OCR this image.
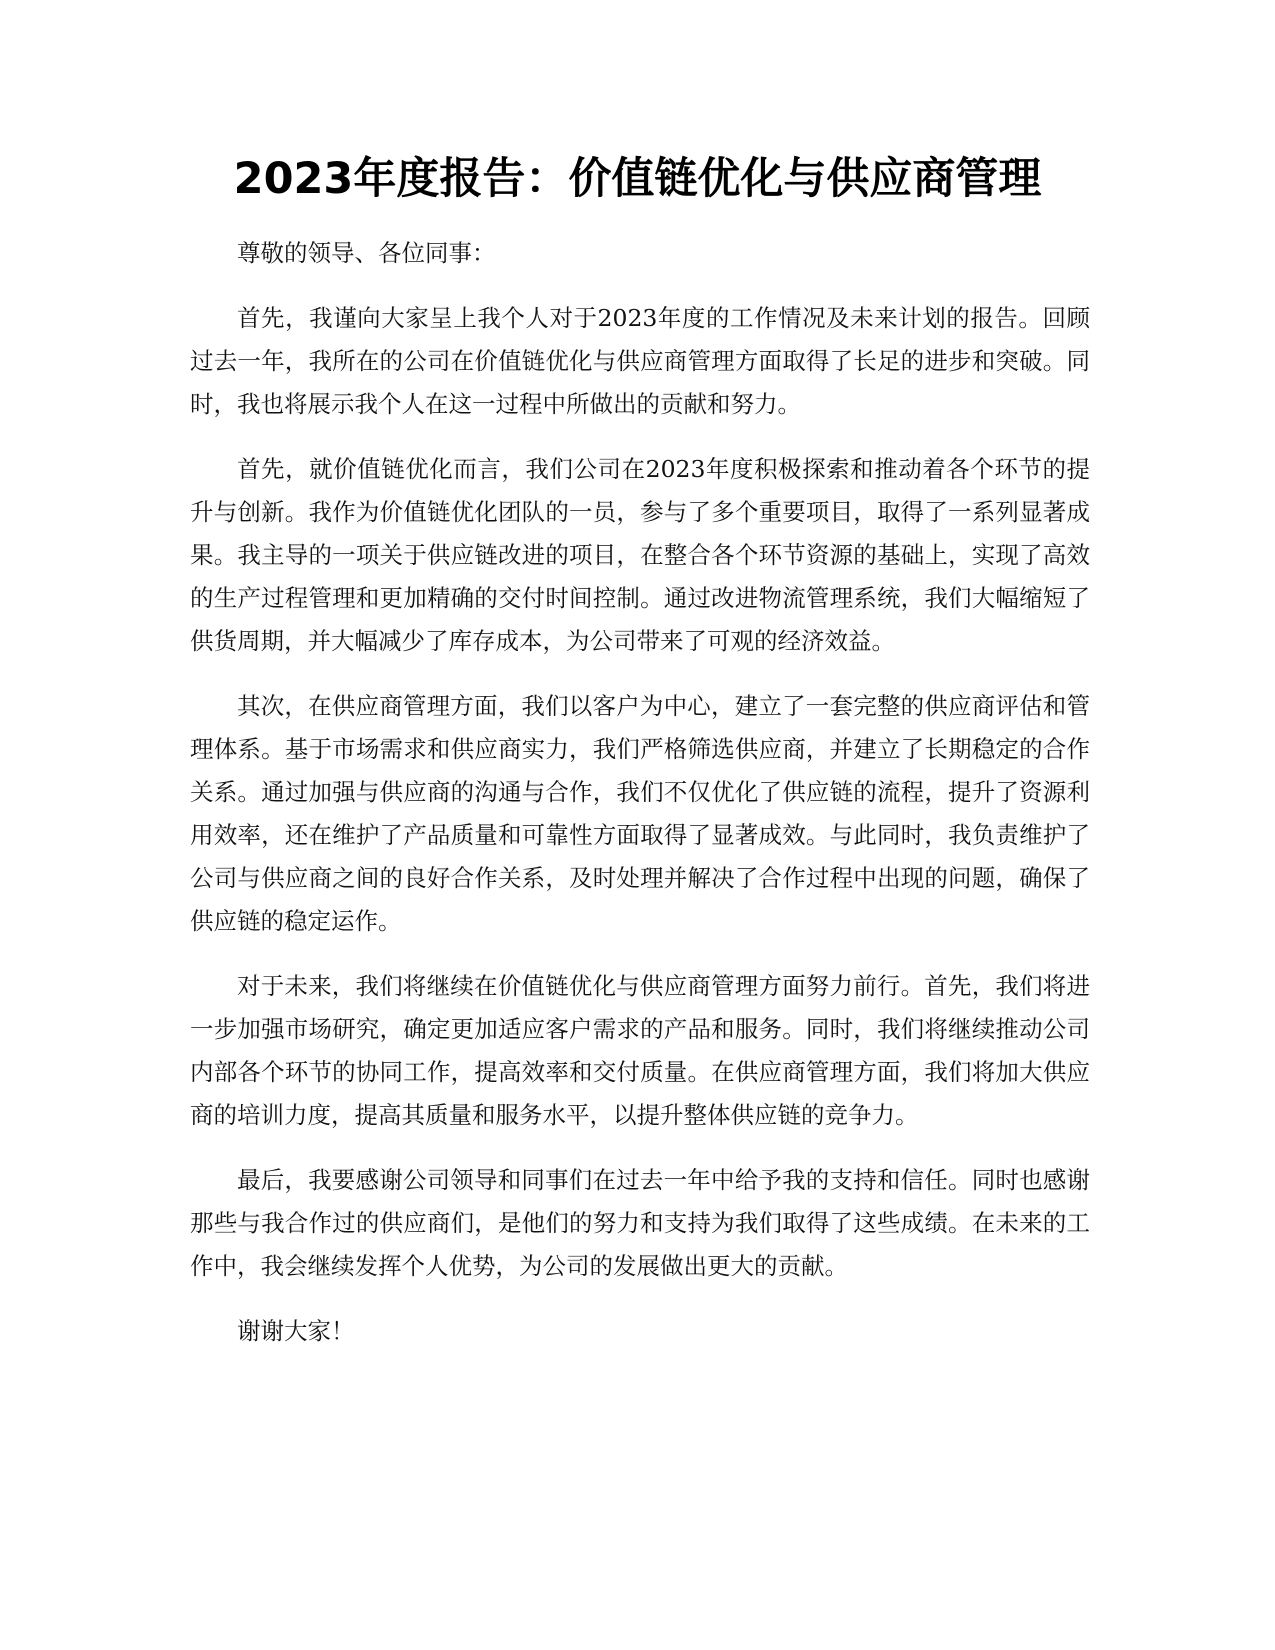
2023年度报告：价值链优化与供应商管理

尊敬的领导、各位同事：

首先，我谨向大家呈上我个人对于2023年度的工作情况及未来计划的报告。回顾过去一年，我所在的公司在价值链优化与供应商管理方面取得了长足的进步和突破。同时，我也将展示我个人在这一过程中所做出的贡献和努力。

首先，就价值链优化而言，我们公司在2023年度积极探索和推动着各个环节的提升与创新。我作为价值链优化团队的一员，参与了多个重要项目，取得了一系列显著成果。我主导的一项关于供应链改进的项目，在整合各个环节资源的基础上，实现了高效的生产过程管理和更加精确的交付时间控制。通过改进物流管理系统，我们大幅缩短了供货周期，并大幅减少了库存成本，为公司带来了可观的经济效益。

其次，在供应商管理方面，我们以客户为中心，建立了一套完整的供应商评估和管理体系。基于市场需求和供应商实力，我们严格筛选供应商，并建立了长期稳定的合作关系。通过加强与供应商的沟通与合作，我们不仅优化了供应链的流程，提升了资源利用效率，还在维护了产品质量和可靠性方面取得了显著成效。与此同时，我负责维护了公司与供应商之间的良好合作关系，及时处理并解决了合作过程中出现的问题，确保了供应链的稳定运作。

对于未来，我们将继续在价值链优化与供应商管理方面努力前行。首先，我们将进一步加强市场研究，确定更加适应客户需求的产品和服务。同时，我们将继续推动公司内部各个环节的协同工作，提高效率和交付质量。在供应商管理方面，我们将加大供应商的培训力度，提高其质量和服务水平，以提升整体供应链的竞争力。

最后，我要感谢公司领导和同事们在过去一年中给予我的支持和信任。同时也感谢那些与我合作过的供应商们，是他们的努力和支持为我们取得了这些成绩。在未来的工作中，我会继续发挥个人优势，为公司的发展做出更大的贡献。

谢谢大家！
